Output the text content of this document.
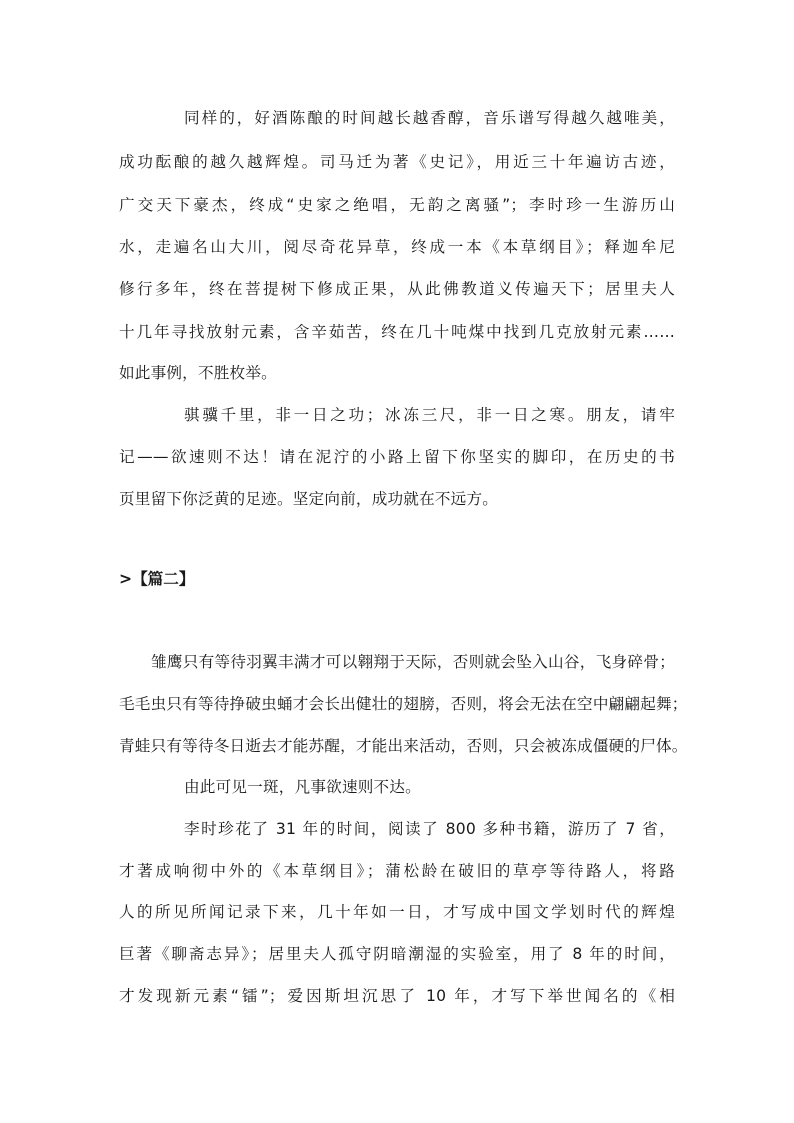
同样的，好酒陈酿的时间越长越香醇，音乐谱写得越久越唯美，
成功酝酿的越久越辉煌。司马迁为著《史记》，用近三十年遍访古迹，
广交天下豪杰，终成“史家之绝唱，无韵之离骚”；李时珍一生游历山
水，走遍名山大川，阅尽奇花异草，终成一本《本草纲目》；释迦牟尼
修行多年，终在菩提树下修成正果，从此佛教道义传遍天下；居里夫人
十几年寻找放射元素，含辛茹苦，终在几十吨煤中找到几克放射元素……
如此事例，不胜枚举。
骐骥千里，非一日之功；冰冻三尺，非一日之寒。朋友，请牢
记——欲速则不达！请在泥泞的小路上留下你坚实的脚印，在历史的书
页里留下你泛黄的足迹。坚定向前，成功就在不远方。
>【篇二】
雏鹰只有等待羽翼丰满才可以翱翔于天际，否则就会坠入山谷，飞身碎骨；
毛毛虫只有等待挣破虫蛹才会长出健壮的翅膀，否则，将会无法在空中翩翩起舞；
青蛙只有等待冬日逝去才能苏醒，才能出来活动，否则，只会被冻成僵硬的尸体。
由此可见一斑，凡事欲速则不达。
李时珍花了 31 年的时间，阅读了 800 多种书籍，游历了 7 省，
才著成响彻中外的《本草纲目》；蒲松龄在破旧的草亭等待路人，将路
人的所见所闻记录下来，几十年如一日，才写成中国文学划时代的辉煌
巨著《聊斋志异》；居里夫人孤守阴暗潮湿的实验室，用了 8 年的时间，
才发现新元素“镭”；爱因斯坦沉思了 10 年，才写下举世闻名的《相
